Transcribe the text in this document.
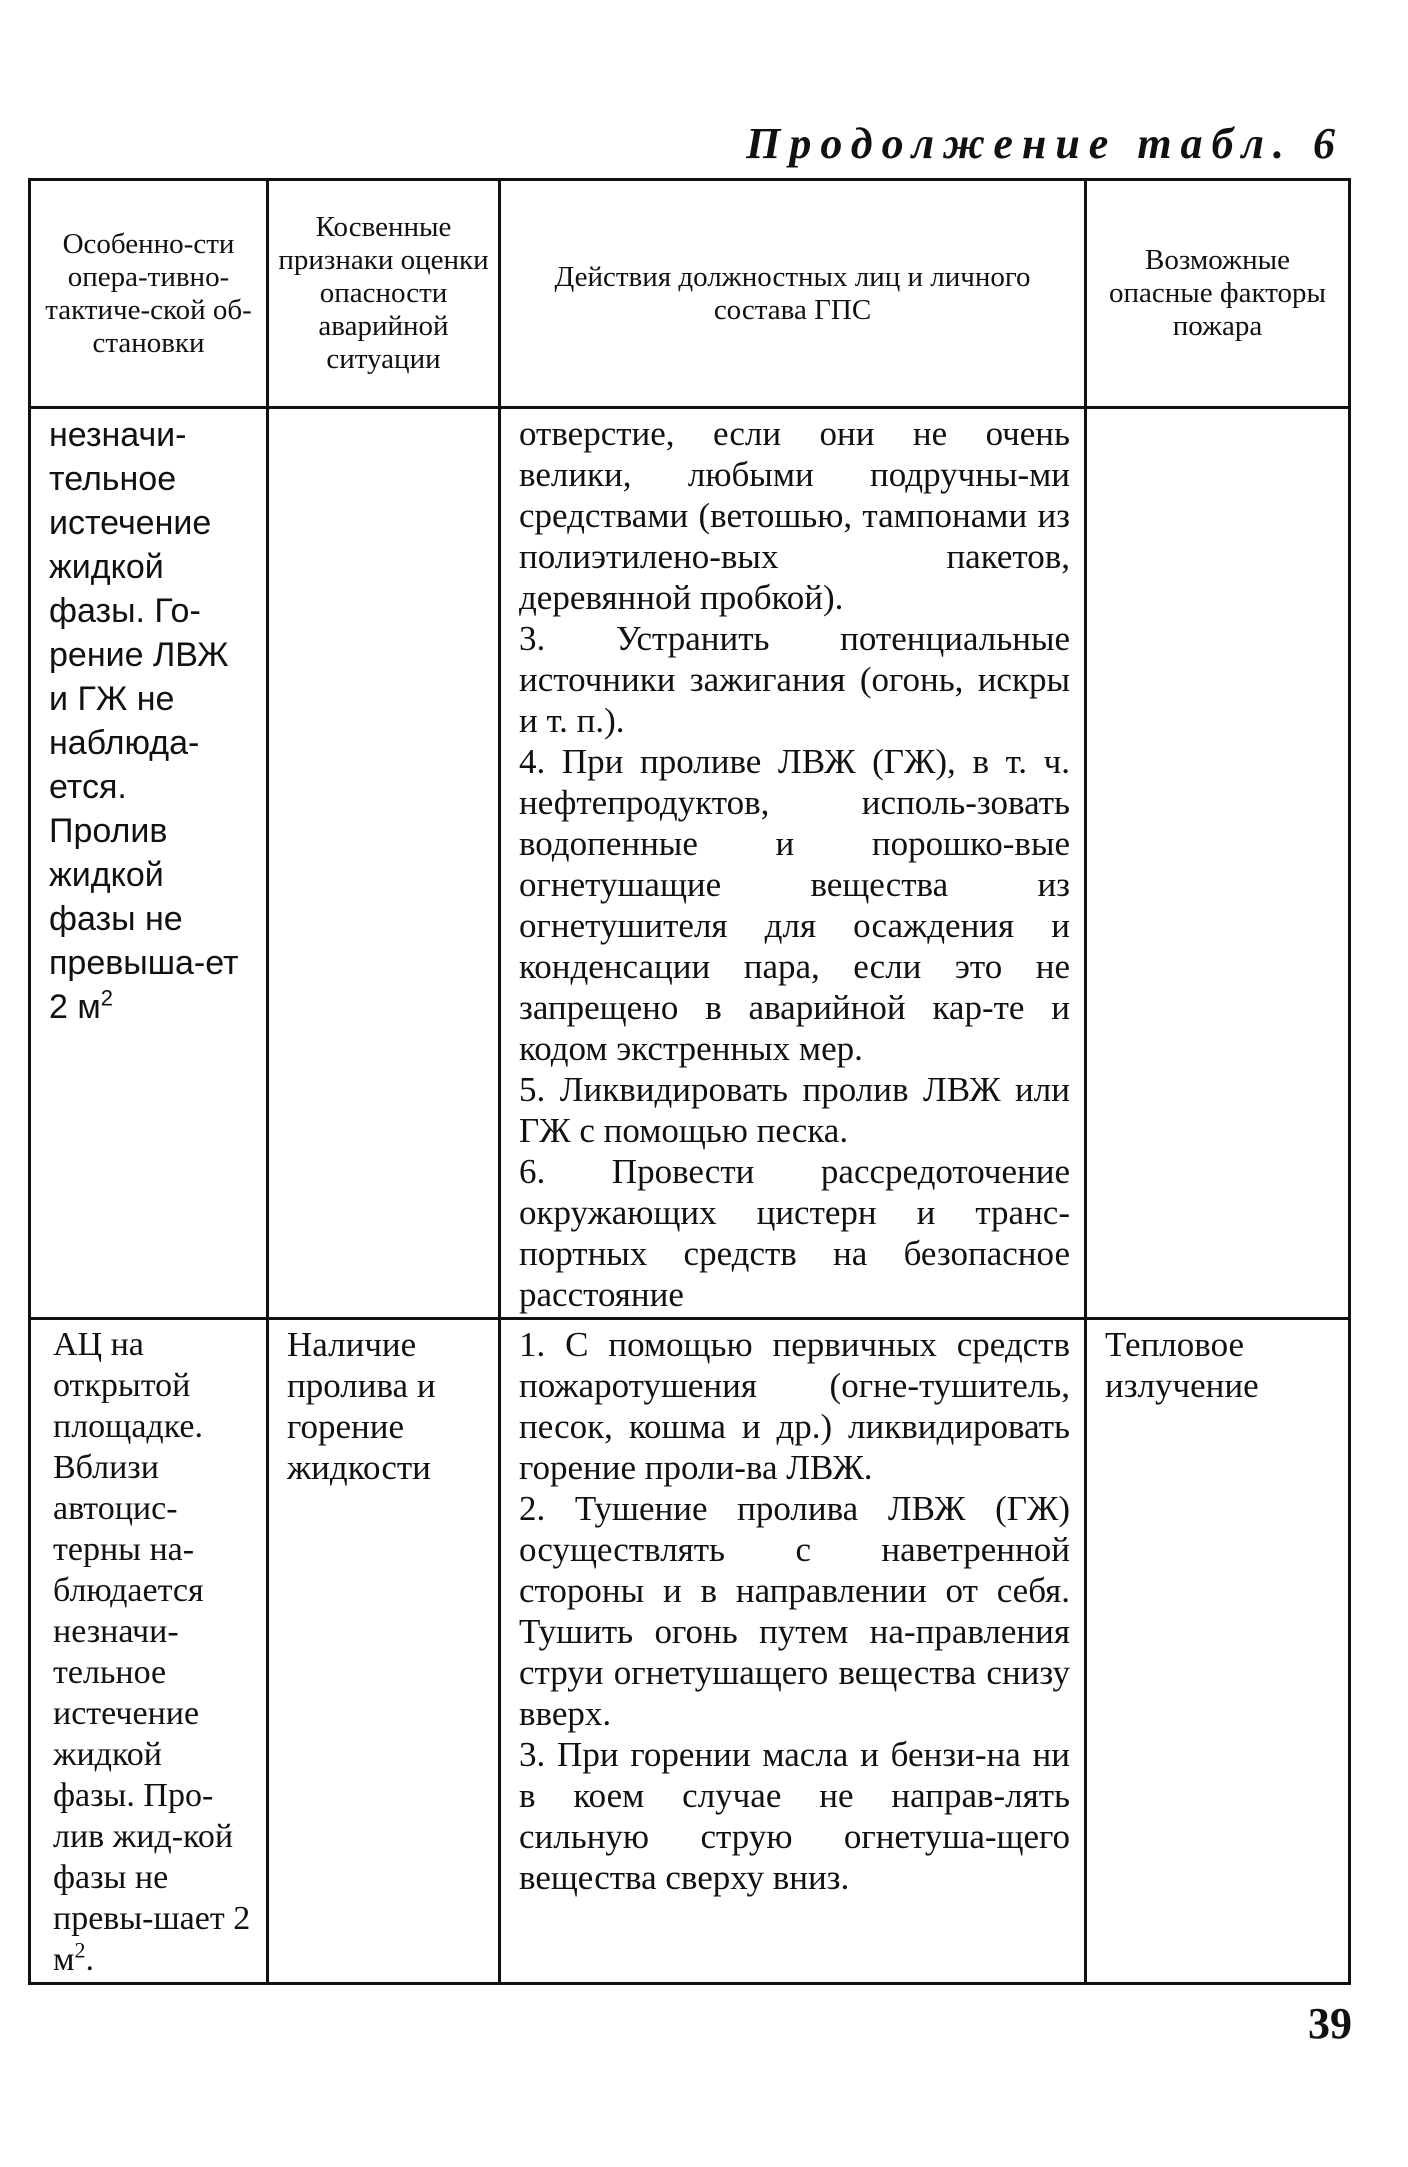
Продолжение табл. 6
Особенно-сти опера-тивно-тактиче-ской об-становки	Косвенные признаки оценки опасности аварийной ситуации	Действия должностных лиц и личного состава ГПС	Возможные опасные факторы пожара
незначи-тельное истечение жидкой фазы. Го-рение ЛВЖ и ГЖ не наблюда-ется. Пролив жидкой фазы не превыша-ет 2 $м^2$		отверстие, если они не очень велики, любыми подручны-ми средствами (ветошью, тампонами из полиэтилено-вых пакетов, деревянной пробкой).
3. Устранить потенциальные источники зажигания (огонь, искры и т. п.).
4. При проливе ЛВЖ (ГЖ), в т. ч. нефтепродуктов, исполь-зовать водопенные и порошко-вые огнетушащие вещества из огнетушителя для осаждения и конденсации пара, если это не запрещено в аварийной кар-те и кодом экстренных мер.
5. Ликвидировать пролив ЛВЖ или ГЖ с помощью песка.
6. Провести рассредоточение окружающих цистерн и транс-портных средств на безопасное расстояние	

АЦ на открытой площадке. Вблизи автоцис-терны на-блюдается незначи-тельное истечение жидкой фазы. Про-лив жид-кой фазы не превы-шает 2 $м^2$.	Наличие пролива и горение жидкости	1. С помощью первичных средств пожаротушения (огне-тушитель, песок, кошма и др.) ликвидировать горение проли-ва ЛВЖ.
2. Тушение пролива ЛВЖ (ГЖ) осуществлять с наветренной стороны и в направлении от себя. Тушить огонь путем на-правления струи огнетушащего вещества снизу вверх.
3. При горении масла и бензи-на ни в коем случае не направ-лять сильную струю огнетуша-щего вещества сверху вниз.	Тепловое излучение
39
